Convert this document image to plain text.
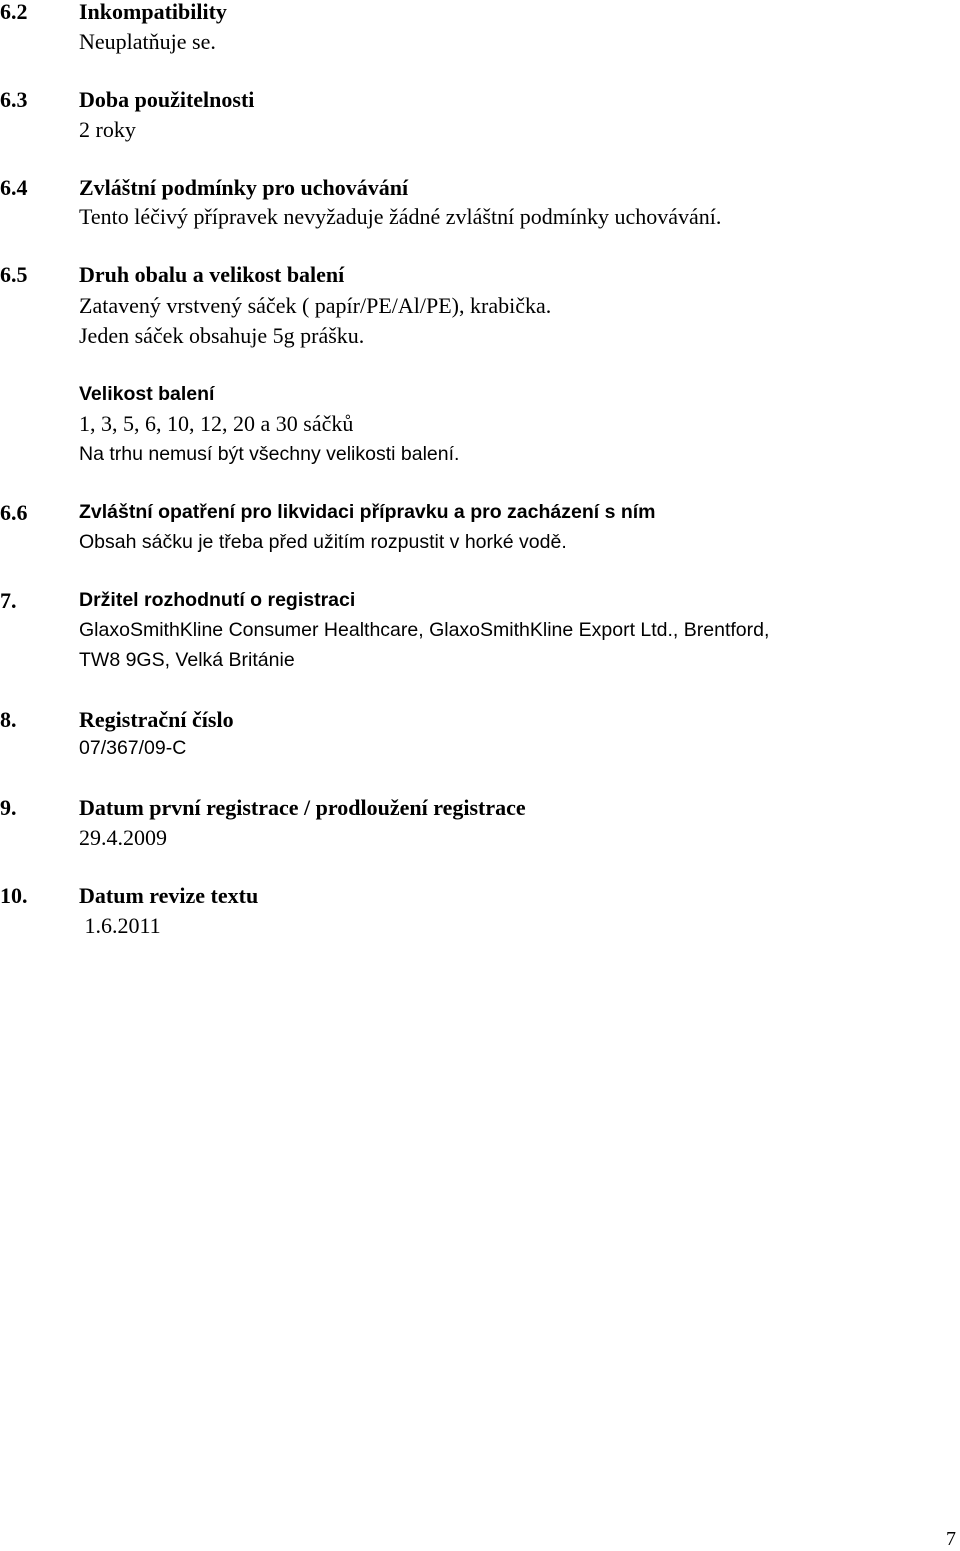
6.2 Inkompatibility
Neuplatňuje se.
6.3 Doba použitelnosti
2 roky
6.4 Zvláštní podmínky pro uchovávání
Tento léčivý přípravek nevyžaduje žádné zvláštní podmínky uchovávání.
6.5 Druh obalu a velikost balení
Zatavený vrstvený sáček ( papír/PE/Al/PE), krabička.
Jeden sáček obsahuje 5g prášku.
Velikost balení
1, 3, 5, 6, 10, 12, 20 a 30 sáčků
Na trhu nemusí být všechny velikosti balení.
6.6	Zvláštní opatření pro likvidaci přípravku a pro zacházení s ním
Obsah sáčku je třeba před užitím rozpustit v horké vodě.
7.	Držitel rozhodnutí o registraci
GlaxoSmithKline Consumer Healthcare, GlaxoSmithKline Export Ltd., Brentford,
TW8 9GS, Velká Británie
8.	Registrační číslo
07/367/09-C
9.	Datum první registrace / prodloužení registrace
29.4.2009
10. Datum revize textu
1.6.2011
7
